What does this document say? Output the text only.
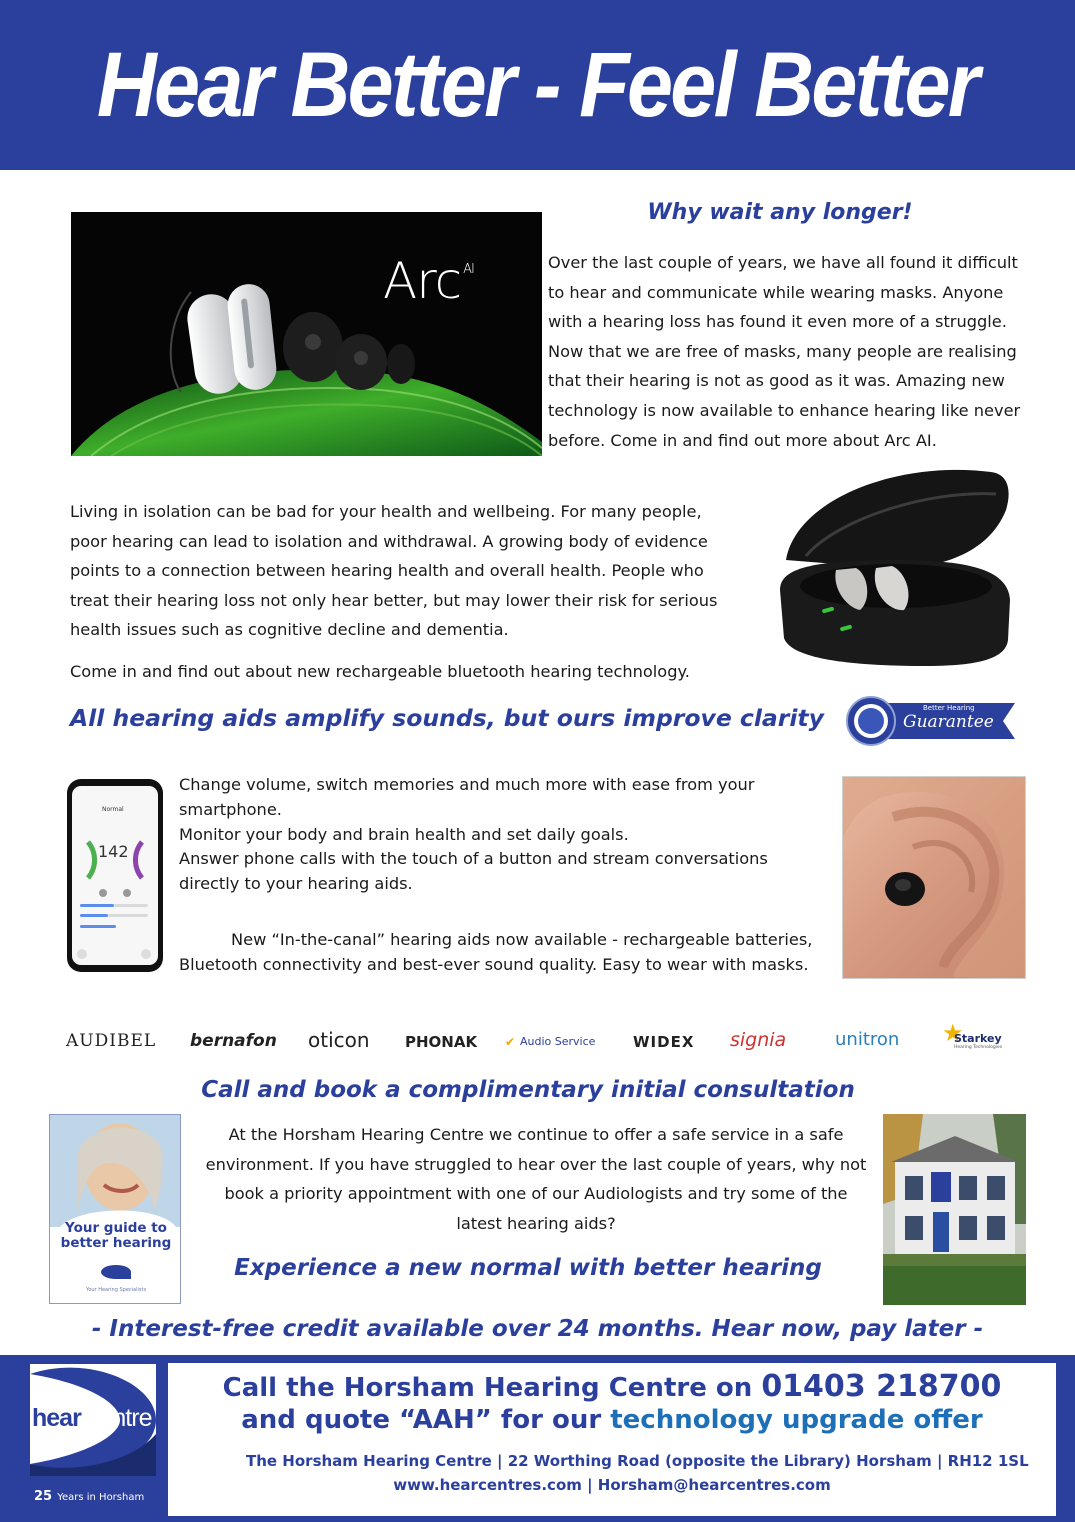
Hear Better - Feel Better
Arc $^{AI}$
Why wait any longer!
Over the last couple of years, we have all found it difficult
to hear and communicate while wearing masks. Anyone
with a hearing loss has found it even more of a struggle.
Now that we are free of masks, many people are realising
that their hearing is not as good as it was. Amazing new
technology is now available to enhance hearing like never
before. Come in and find out more about Arc AI.
Living in isolation can be bad for your health and wellbeing. For many people,
poor hearing can lead to isolation and withdrawal. A growing body of evidence
points to a connection between hearing health and overall health. People who
treat their hearing loss not only hear better, but may lower their risk for serious
health issues such as cognitive decline and dementia.
Come in and find out about new rechargeable bluetooth hearing technology.
All hearing aids amplify sounds, but ours improve clarity	Better Hearing
Guarantee
Normal
142
Change volume, switch memories and much more with ease from your
smartphone.
Monitor your body and brain health and set daily goals.
Answer phone calls with the touch of a button and stream conversations
directly to your hearing aids.
New “In-the-canal” hearing aids now available - rechargeable batteries,
Bluetooth connectivity and best-ever sound quality. Easy to wear with masks.
AUDIBEL bernafon oticon PHONAK ✔ Audio Service	WIDEX signia	unitron ★
Starkey
Hearing Technologies
Call and book a complimentary initial consultation
At the Horsham Hearing Centre we continue to offer a safe service in a safe
environment. If you have struggled to hear over the last couple of years, why not
book a priority appointment with one of our Audiologists and try some of the
latest hearing aids?
Experience a new normal with better hearing
Your guide to
better hearing
Your Hearing Specialists
- Interest-free credit available over 24 months. Hear now, pay later -
hear centre
25 Years in Horsham
Call the Horsham Hearing Centre on 01403 218700
and quote “AAH” for our technology upgrade offer
The Horsham Hearing Centre | 22 Worthing Road (opposite the Library) Horsham | RH12 1SL
www.hearcentres.com | Horsham@hearcentres.com
